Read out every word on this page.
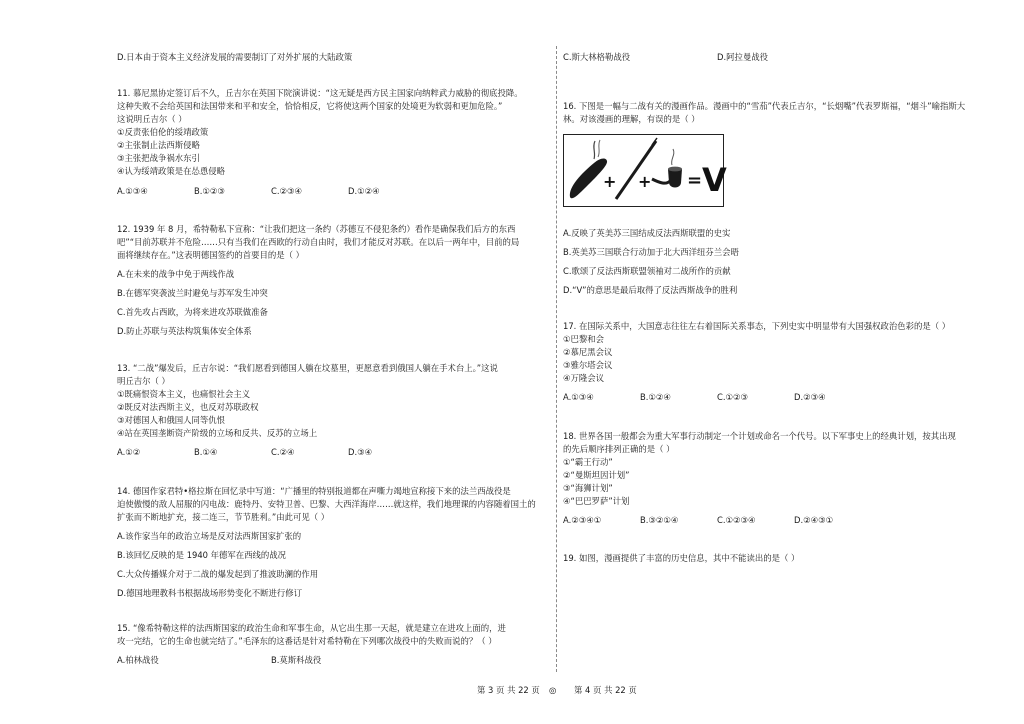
D.日本由于资本主义经济发展的需要制订了对外扩展的大陆政策
11. 慕尼黑协定签订后不久，丘吉尔在英国下院演讲说：“这无疑是西方民主国家向纳粹武力威胁的彻底投降。
这种失败不会给英国和法国带来和平和安全，恰恰相反，它将使这两个国家的处境更为软弱和更加危险。”
这说明丘吉尔（ ）
①反责张伯伦的绥靖政策
②主张制止法西斯侵略
③主张把战争祸水东引
④认为绥靖政策是在怂恿侵略
A.①③④	B.①②③	C.②③④	D.①②④
12. 1939 年 8 月，希特勒私下宣称：“让我们把这一条约（苏德互不侵犯条约）看作是确保我们后方的东西
吧”“目前苏联并不危险……只有当我们在西欧的行动自由时，我们才能反对苏联。在以后一两年中，目前的局
面将继续存在。”这表明德国签约的首要目的是（ ）
A.在未来的战争中免于两线作战
B.在德军突袭波兰时避免与苏军发生冲突
C.首先攻占西欧，为将来进攻苏联做准备
D.防止苏联与英法构筑集体安全体系
13. “二战”爆发后，丘吉尔说：“我们愿看到德国人躺在坟墓里，更愿意看到俄国人躺在手术台上。”这说
明丘吉尔（ ）
①既痛恨资本主义，也痛恨社会主义
②既反对法西斯主义，也反对苏联政权
③对德国人和俄国人同等仇恨
④站在英国垄断资产阶级的立场和反共、反苏的立场上
A.①②	B.①④	C.②④	D.③④
14. 德国作家君特•格拉斯在回忆录中写道：“广播里的特别报道都在声嘶力竭地宣称接下来的法兰西战役是
迫使傲慢的敌人屈服的闪电战：鹿特丹、安特卫普、巴黎、大西洋海岸……就这样，我们地理课的内容随着国土的
扩张而不断地扩充，接二连三，节节胜利。”由此可见（ ）
A.该作家当年的政治立场是反对法西斯国家扩张的
B.该回忆反映的是 1940 年德军在西线的战况
C.大众传播媒介对于二战的爆发起到了推波助澜的作用
D.德国地理教科书根据战场形势变化不断进行修订
15. “像希特勒这样的法西斯国家的政治生命和军事生命，从它出生那一天起，就是建立在进攻上面的，进
攻一完结，它的生命也就完结了。”毛泽东的这番话是针对希特勒在下列哪次战役中的失败而说的？（ ）
A.柏林战役	B.莫斯科战役
C.斯大林格勒战役	D.阿拉曼战役
16. 下图是一幅与二战有关的漫画作品。漫画中的“雪茄”代表丘吉尔，“长烟嘴”代表罗斯福，“烟斗”喻指斯大
林。对该漫画的理解，有误的是（ ）
+ + = V
A.反映了英美苏三国结成反法西斯联盟的史实
B.英美苏三国联合行动加于北大西洋纽芬兰会晤
C.歌颂了反法西斯联盟领袖对二战所作的贡献
D.“V”的意思是最后取得了反法西斯战争的胜利
17. 在国际关系中，大国意志往往左右着国际关系事态，下列史实中明显带有大国强权政治色彩的是（ ）
①巴黎和会
②慕尼黑会议
③雅尔塔会议
④万隆会议
A.①③④	B.①②④	C.①②③	D.②③④
18. 世界各国一般都会为重大军事行动制定一个计划或命名一个代号。以下军事史上的经典计划，按其出现
的先后顺序排列正确的是（ ）
①“霸王行动”
②“曼斯坦因计划”
③“海狮计划”
④“巴巴罗萨”计划
A.②③④①	B.③②①④	C.①②③④	D.②④③①
19. 如图，漫画提供了丰富的历史信息，其中不能读出的是（ ）
第 3 页 共 22 页 ◎ 第 4 页 共 22 页
